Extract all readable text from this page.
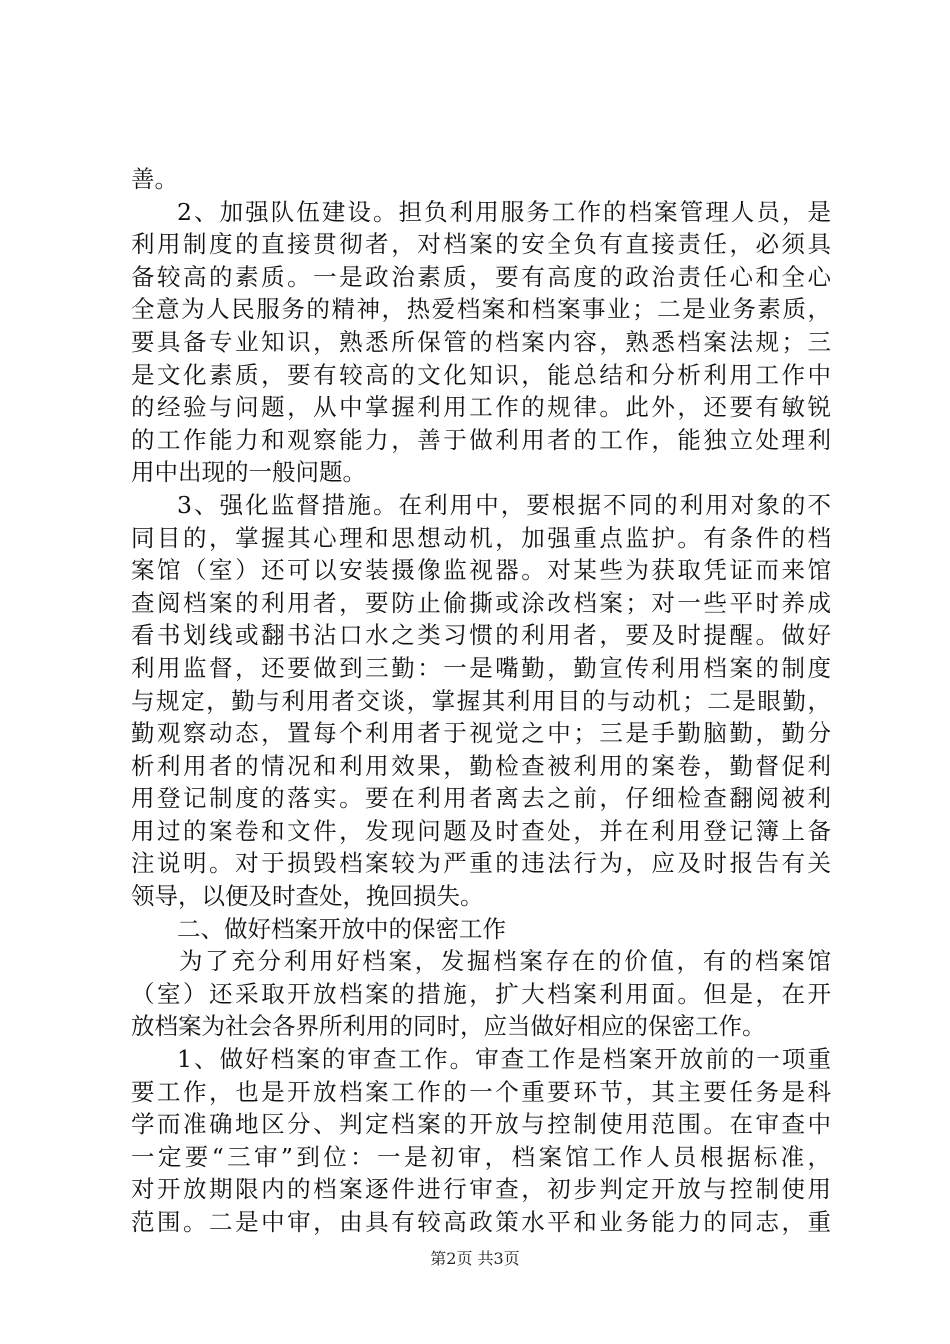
善。
2、加强队伍建设。担负利用服务工作的档案管理人员，是
利用制度的直接贯彻者，对档案的安全负有直接责任，必须具
备较高的素质。一是政治素质，要有高度的政治责任心和全心
全意为人民服务的精神，热爱档案和档案事业；二是业务素质，
要具备专业知识，熟悉所保管的档案内容，熟悉档案法规；三
是文化素质，要有较高的文化知识，能总结和分析利用工作中
的经验与问题，从中掌握利用工作的规律。此外，还要有敏锐
的工作能力和观察能力，善于做利用者的工作，能独立处理利
用中出现的一般问题。
3、强化监督措施。在利用中，要根据不同的利用对象的不
同目的，掌握其心理和思想动机，加强重点监护。有条件的档
案馆（室）还可以安装摄像监视器。对某些为获取凭证而来馆
查阅档案的利用者，要防止偷撕或涂改档案；对一些平时养成
看书划线或翻书沾口水之类习惯的利用者，要及时提醒。做好
利用监督，还要做到三勤：一是嘴勤，勤宣传利用档案的制度
与规定，勤与利用者交谈，掌握其利用目的与动机；二是眼勤，
勤观察动态，置每个利用者于视觉之中；三是手勤脑勤，勤分
析利用者的情况和利用效果，勤检查被利用的案卷，勤督促利
用登记制度的落实。要在利用者离去之前，仔细检查翻阅被利
用过的案卷和文件，发现问题及时查处，并在利用登记簿上备
注说明。对于损毁档案较为严重的违法行为，应及时报告有关
领导，以便及时查处，挽回损失。
二、做好档案开放中的保密工作
为了充分利用好档案，发掘档案存在的价值，有的档案馆
（室）还采取开放档案的措施，扩大档案利用面。但是，在开
放档案为社会各界所利用的同时，应当做好相应的保密工作。
1、做好档案的审查工作。审查工作是档案开放前的一项重
要工作，也是开放档案工作的一个重要环节，其主要任务是科
学而准确地区分、判定档案的开放与控制使用范围。在审查中
一定要“三审”到位：一是初审，档案馆工作人员根据标准，
对开放期限内的档案逐件进行审查，初步判定开放与控制使用
范围。二是中审，由具有较高政策水平和业务能力的同志，重
第2页 共3页
